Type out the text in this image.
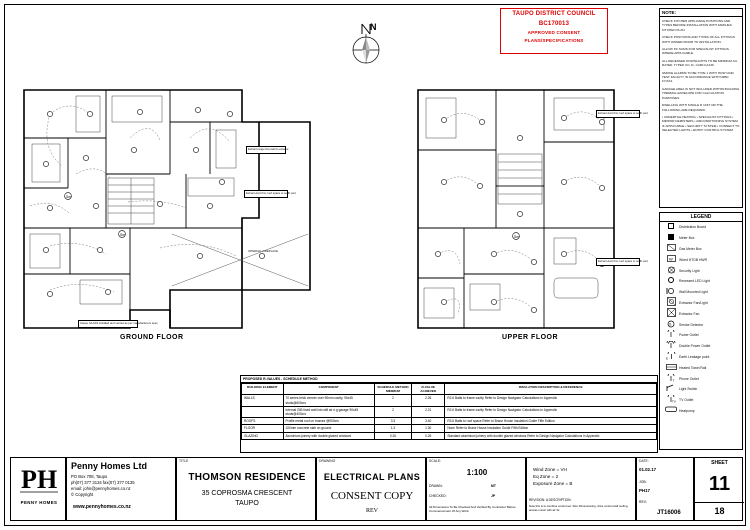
TAUPO DISTRICT COUNCIL
BC170013
APPROVED CONSENT
PLANS/SPECIFICATIONS
N
NOTE:

CHECK KITCHEN APPLIANCE POSITIONS AND TYPES BEFORE INSTALLATION WITH FAMILIES KITCHEN PLAN.

CHECK POSITIONS AND TYPES OF ALL FITTINGS WITH OWNER PRIOR TO INSTALLATION.

ALLOW PC SUMS FOR SPECIALIST FITTINGS WHERE APPLICABLE.

ALL RECESSED DOWNLIGHTS TO BE MINIMUM CA RATED. TYPED IC1 IC, CA80 CA130.

SMOKE ALARMS TO BE TYPE 1 WITH HUSH AND TEST FACILITY IN ACCORDANCE WITH NZBC F7/AS1.

GARAGE AREA IS NOT INCLUDED WITHIN BUILDING THERMAL ENVELOPE FOR CALCULATION PURPOSES.

DWELLING WITH SINGLE R UNIT OR THE FOLLOWING ARE REQUIRED:

• UNDERTILE HEATING • SPECIALIST FITTINGS • MIRROR DEMISTERS • AIRCONDITIONING SYSTEM IF APPLICABLE • SECURITY SYSTEM • CONNECT TO SELECTED LIGHTS • ENTRY CONTROL SYSTEM

LEGEND
Distribution Board
Meter Box
Gas Meter Box
W Wired HTDB HWR
Security Light
Recessed LED Light
Wall Mounted Light
Extractor Fan/Light
Extractor Fan
S Smoke Detector
Power Outlet
Double Power Outlet
E	Earth Leakage point
Heated Towel Rail
T Phone Outlet
Light Switch
TV TV Outlet
Heatpump
Sm
Sm
GROUND FLOOR
Extract range fins wall to exterior
Extract duct thru roof space to soffit vent
INTERNAL FIREPLACE
Cause GLASS installed and vented as per manufacturers spec
Sm
UPPER FLOOR
Extract duct thru roof space to soffit vent
Extract duct thru roof space to soffit vent
PROPOSED R-VALUES - SCHEDULE METHOD
BUILDING ELEMENT	COMPONENT	SCHEDULE METHOD MINIMUM	R-VALUE ACHIEVED	INSULATION DESCRIPTION & REFERENCE
WALLS	70 series brick veneer over 90mm cavity, 90x45 studs@600crs	2	2.26	R2.6 Batts to frame cavity Refer to Design Navigator Calculations in Appendix
	Internal GIB lined wall into still air e.g garage 90x45 studs@400crs	2	2.21	R2.6 Batts to frame cavity Refer to Design Navigator Calculations in Appendix
ROOFS	Profile metal roof on trusses @900crs	3.3	3.40	R3.6 Batts to roof space Refer to Branz House Insulation Guide Fifth Edition
FLOOR	100mm concrete slab on ground	1.3	1.30	None Refer to Branz House Insulation Guide Fifth Edition
GLAZING	Aluminium joinery with double glazed windows	0.26	0.26	Standard aluminium joinery with double glazed windows Refer to Design Navigator Calculations in Appendix
P H
PENNY HOMES
Penny Homes Ltd
PO Box 708, Taupo
ph(07) 377 3134 fax(07) 377 0135
email: john@pennyhomes.co.nz
© Copyright
www.pennyhomes.co.nz
TITLE
THOMSON RESIDENCE
35 COPROSMA CRESCENT
TAUPO
DRAWING
ELECTRICAL PLANS
CONSENT COPY
REV
SCALE:
1:100
DRAWN:	MT
CHECKED:	JP
All Dimensions To Be Checked And Verified By Contractor Before Commencement Of Any Work
Wind Zone = VH
Eq Zone = 2
Exposure Zone = B
REVISION: A DESCRIPTION:
Note this is to combine control set. Size Dimensioning, drive control wall roofing, access mesin with air 3c.
DATE:
01.02.17
JOB:
PH17
REV:
JT16006
SHEET
11
18
